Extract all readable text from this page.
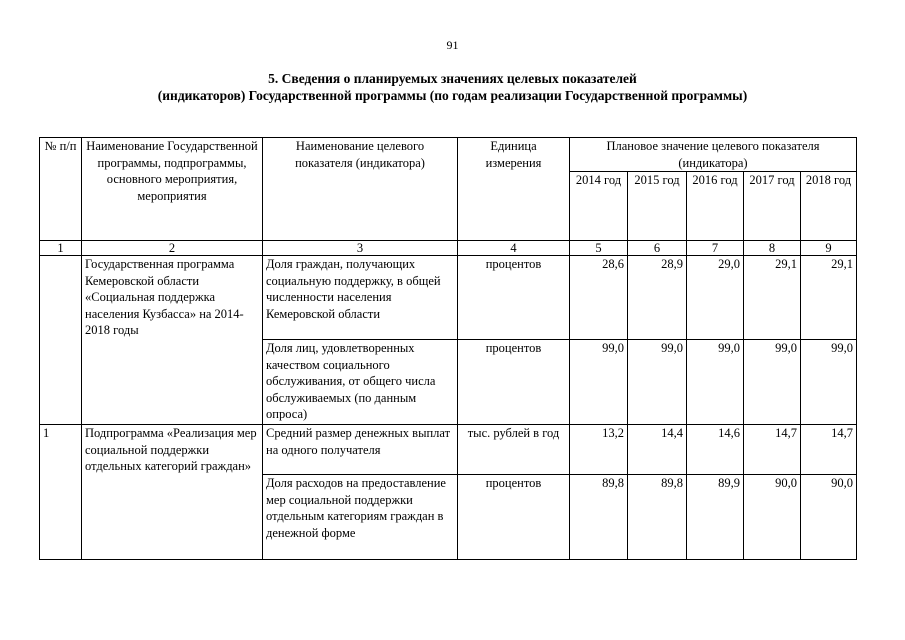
91
5. Сведения о планируемых значениях целевых показателей
(индикаторов) Государственной программы (по годам реализации Государственной программы)
№ п/п	Наименование Государственной программы, подпрограммы, основного мероприятия, мероприятия	Наименование целевого показателя (индикатора)	Единица измерения	Плановое значение целевого показателя (индикатора)				
				2014 год	2015 год	2016 год	2017 год	2018 год
1	2	3	4	5	6	7	8	9
	Государственная программа Кемеровской области «Социальная поддержка населения Кузбасса» на 2014-2018 годы	Доля граждан, получающих социальную поддержку, в общей численности населения Кемеровской области	процентов	28,6	28,9	29,0	29,1	29,1
		Доля лиц, удовлетворенных качеством социального обслуживания, от общего числа обслуживаемых (по данным опроса)	процентов	99,0	99,0	99,0	99,0	99,0
1	Подпрограмма «Реализация мер социальной поддержки отдельных категорий граждан»	Средний размер денежных выплат на одного получателя	тыс. рублей в год	13,2	14,4	14,6	14,7	14,7
		Доля расходов на предоставление мер социальной поддержки отдельным категориям граждан в денежной форме	процентов	89,8	89,8	89,9	90,0	90,0
